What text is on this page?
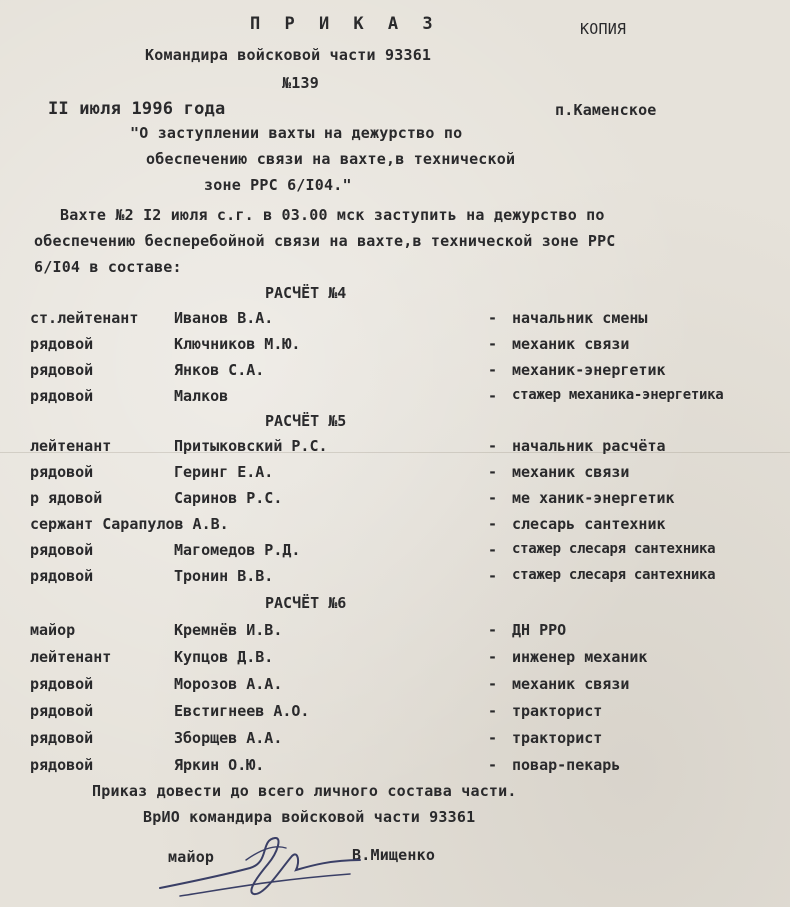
П Р И К А З	КОПИЯ
Командира войсковой части 93361
№139
II июля 1996 года	п.Каменское
"О заступлении вахты на дежурство по
обеспечению связи на вахте,в технической
зоне РРС 6/I04."
Вахте №2 I2 июля с.г. в 03.00 мск заступить на дежурство по
обеспечению бесперебойной связи на вахте,в технической зоне РРС
6/I04 в составе:
РАСЧЁТ №4
ст.лейтенант Иванов В.А.	- начальник смены
рядовой	Ключников М.Ю.	- механик связи
рядовой	Янков С.А.	- механик-энергетик
рядовой	Малков	- стажер механика-энергетика
РАСЧЁТ №5
лейтенант	Притыковский Р.С.	- начальник расчёта
рядовой	Геринг Е.А.	- механик связи
р ядовой	Саринов Р.С.	- ме ханик-энергетик
сержант Сарапулов А.В.	- слесарь сантехник
рядовой	Магомедов Р.Д.	- стажер слесаря сантехника
рядовой	Тронин В.В.	- стажер слесаря сантехника
РАСЧЁТ №6
майор	Кремнёв И.В.	- ДН РРО
лейтенант	Купцов Д.В.	- инженер механик
рядовой	Морозов А.А.	- механик связи
рядовой	Евстигнеев А.О.	- тракторист
рядовой	Зборщев А.А.	- тракторист
рядовой	Яркин О.Ю.	- повар-пекарь
Приказ довести до всего личного состава части.
ВрИО командира войсковой части 93361
майор	В.Мищенко
